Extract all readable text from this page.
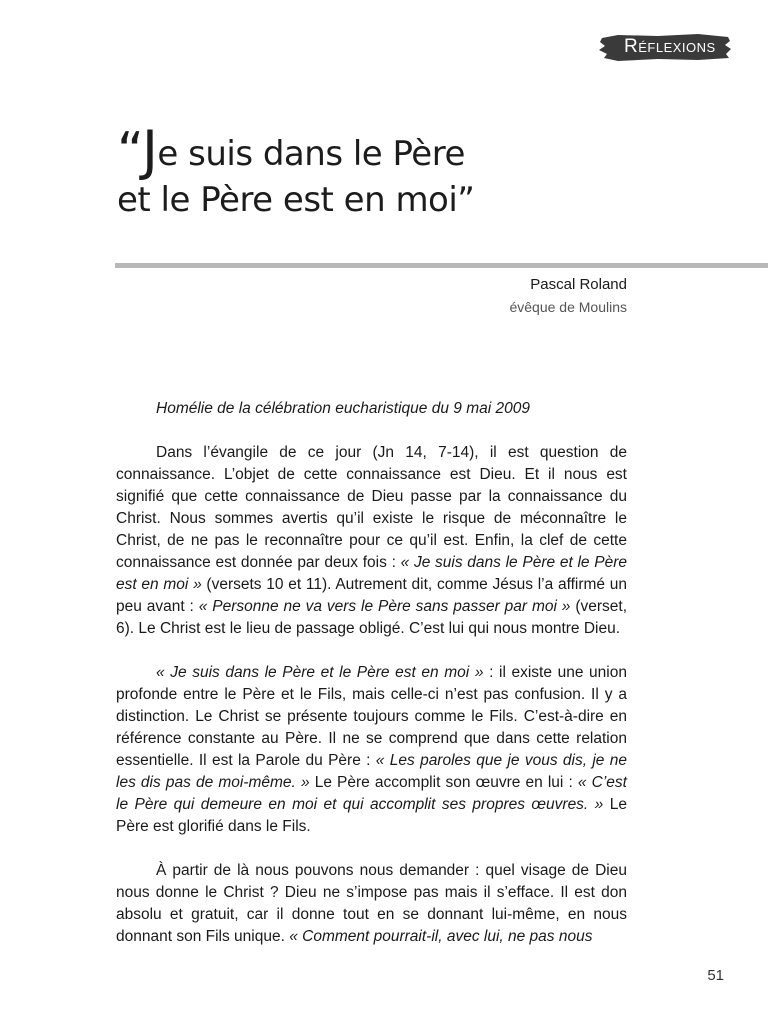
Réflexions
“Je suis dans le Père
et le Père est en moi”
Pascal Roland
évêque de Moulins

Homélie de la célébration eucharistique du 9 mai 2009

Dans l’évangile de ce jour (Jn 14, 7-14), il est question de connaissance. L’objet de cette connaissance est Dieu. Et il nous est signifié que cette connaissance de Dieu passe par la connaissance du Christ. Nous sommes avertis qu’il existe le risque de méconnaître le Christ, de ne pas le reconnaître pour ce qu’il est. Enfin, la clef de cette connaissance est donnée par deux fois : « Je suis dans le Père et le Père est en moi » (versets 10 et 11). Autrement dit, comme Jésus l’a affirmé un peu avant : « Personne ne va vers le Père sans passer par moi » (verset, 6). Le Christ est le lieu de passage obligé. C’est lui qui nous montre Dieu.

« Je suis dans le Père et le Père est en moi » : il existe une union profonde entre le Père et le Fils, mais celle-ci n’est pas confusion. Il y a distinction. Le Christ se présente toujours comme le Fils. C’est-à-dire en référence constante au Père. Il ne se comprend que dans cette relation essentielle. Il est la Parole du Père : « Les paroles que je vous dis, je ne les dis pas de moi-même. » Le Père accomplit son œuvre en lui : « C’est le Père qui demeure en moi et qui accomplit ses propres œuvres. » Le Père est glorifié dans le Fils.

À partir de là nous pouvons nous demander : quel visage de Dieu nous donne le Christ ? Dieu ne s’impose pas mais il s’efface. Il est don absolu et gratuit, car il donne tout en se donnant lui-même, en nous donnant son Fils unique. « Comment pourrait-il, avec lui, ne pas nous

51
